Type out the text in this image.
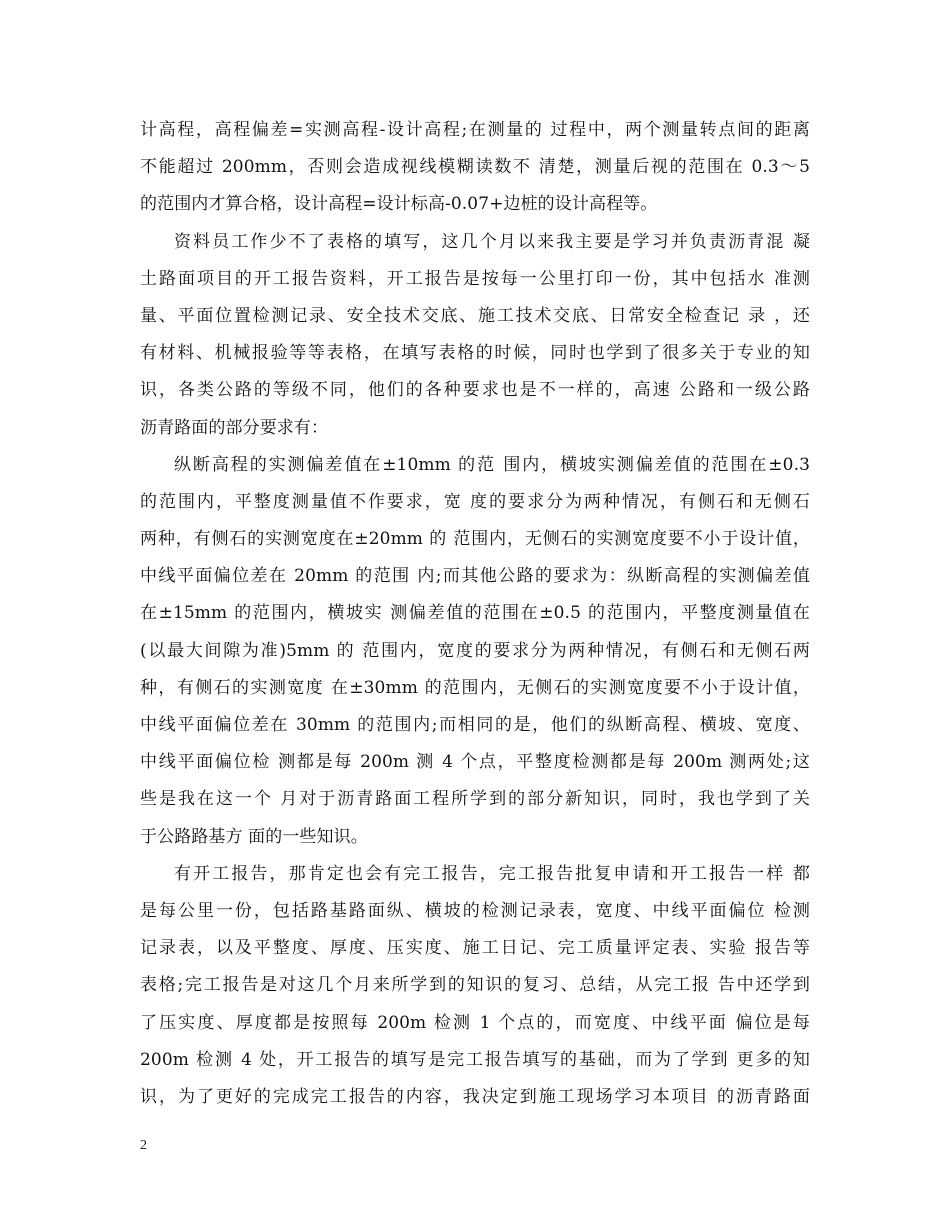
计高程，高程偏差=实测高程-设计高程;在测量的 过程中，两个测量转点间的距离
不能超过 200mm，否则会造成视线模糊读数不 清楚，测量后视的范围在 0.3～5
的范围内才算合格，设计高程=设计标高-0.07+边桩的设计高程等。
资料员工作少不了表格的填写，这几个月以来我主要是学习并负责沥青混 凝
土路面项目的开工报告资料，开工报告是按每一公里打印一份，其中包括水 准测
量、平面位置检测记录、安全技术交底、施工技术交底、日常安全检查记 录 ，还
有材料、机械报验等等表格，在填写表格的时候，同时也学到了很多关于专业的知
识，各类公路的等级不同，他们的各种要求也是不一样的，高速 公路和一级公路
沥青路面的部分要求有：
纵断高程的实测偏差值在±10mm 的范 围内，横坡实测偏差值的范围在±0.3
的范围内，平整度测量值不作要求，宽 度的要求分为两种情况，有侧石和无侧石
两种，有侧石的实测宽度在±20mm 的 范围内，无侧石的实测宽度要不小于设计值，
中线平面偏位差在 20mm 的范围 内;而其他公路的要求为：纵断高程的实测偏差值
在±15mm 的范围内，横坡实 测偏差值的范围在±0.5 的范围内，平整度测量值在
(以最大间隙为准)5mm 的 范围内，宽度的要求分为两种情况，有侧石和无侧石两
种，有侧石的实测宽度 在±30mm 的范围内，无侧石的实测宽度要不小于设计值，
中线平面偏位差在 30mm 的范围内;而相同的是，他们的纵断高程、横坡、宽度、
中线平面偏位检 测都是每 200m 测 4 个点，平整度检测都是每 200m 测两处;这
些是我在这一个 月对于沥青路面工程所学到的部分新知识，同时，我也学到了关
于公路路基方 面的一些知识。
有开工报告，那肯定也会有完工报告，完工报告批复申请和开工报告一样 都
是每公里一份，包括路基路面纵、横坡的检测记录表，宽度、中线平面偏位 检测
记录表，以及平整度、厚度、压实度、施工日记、完工质量评定表、实验 报告等
表格;完工报告是对这几个月来所学到的知识的复习、总结，从完工报 告中还学到
了压实度、厚度都是按照每 200m 检测 1 个点的，而宽度、中线平面 偏位是每
200m 检测 4 处，开工报告的填写是完工报告填写的基础，而为了学到 更多的知
识，为了更好的完成完工报告的内容，我决定到施工现场学习本项目 的沥青路面
2
